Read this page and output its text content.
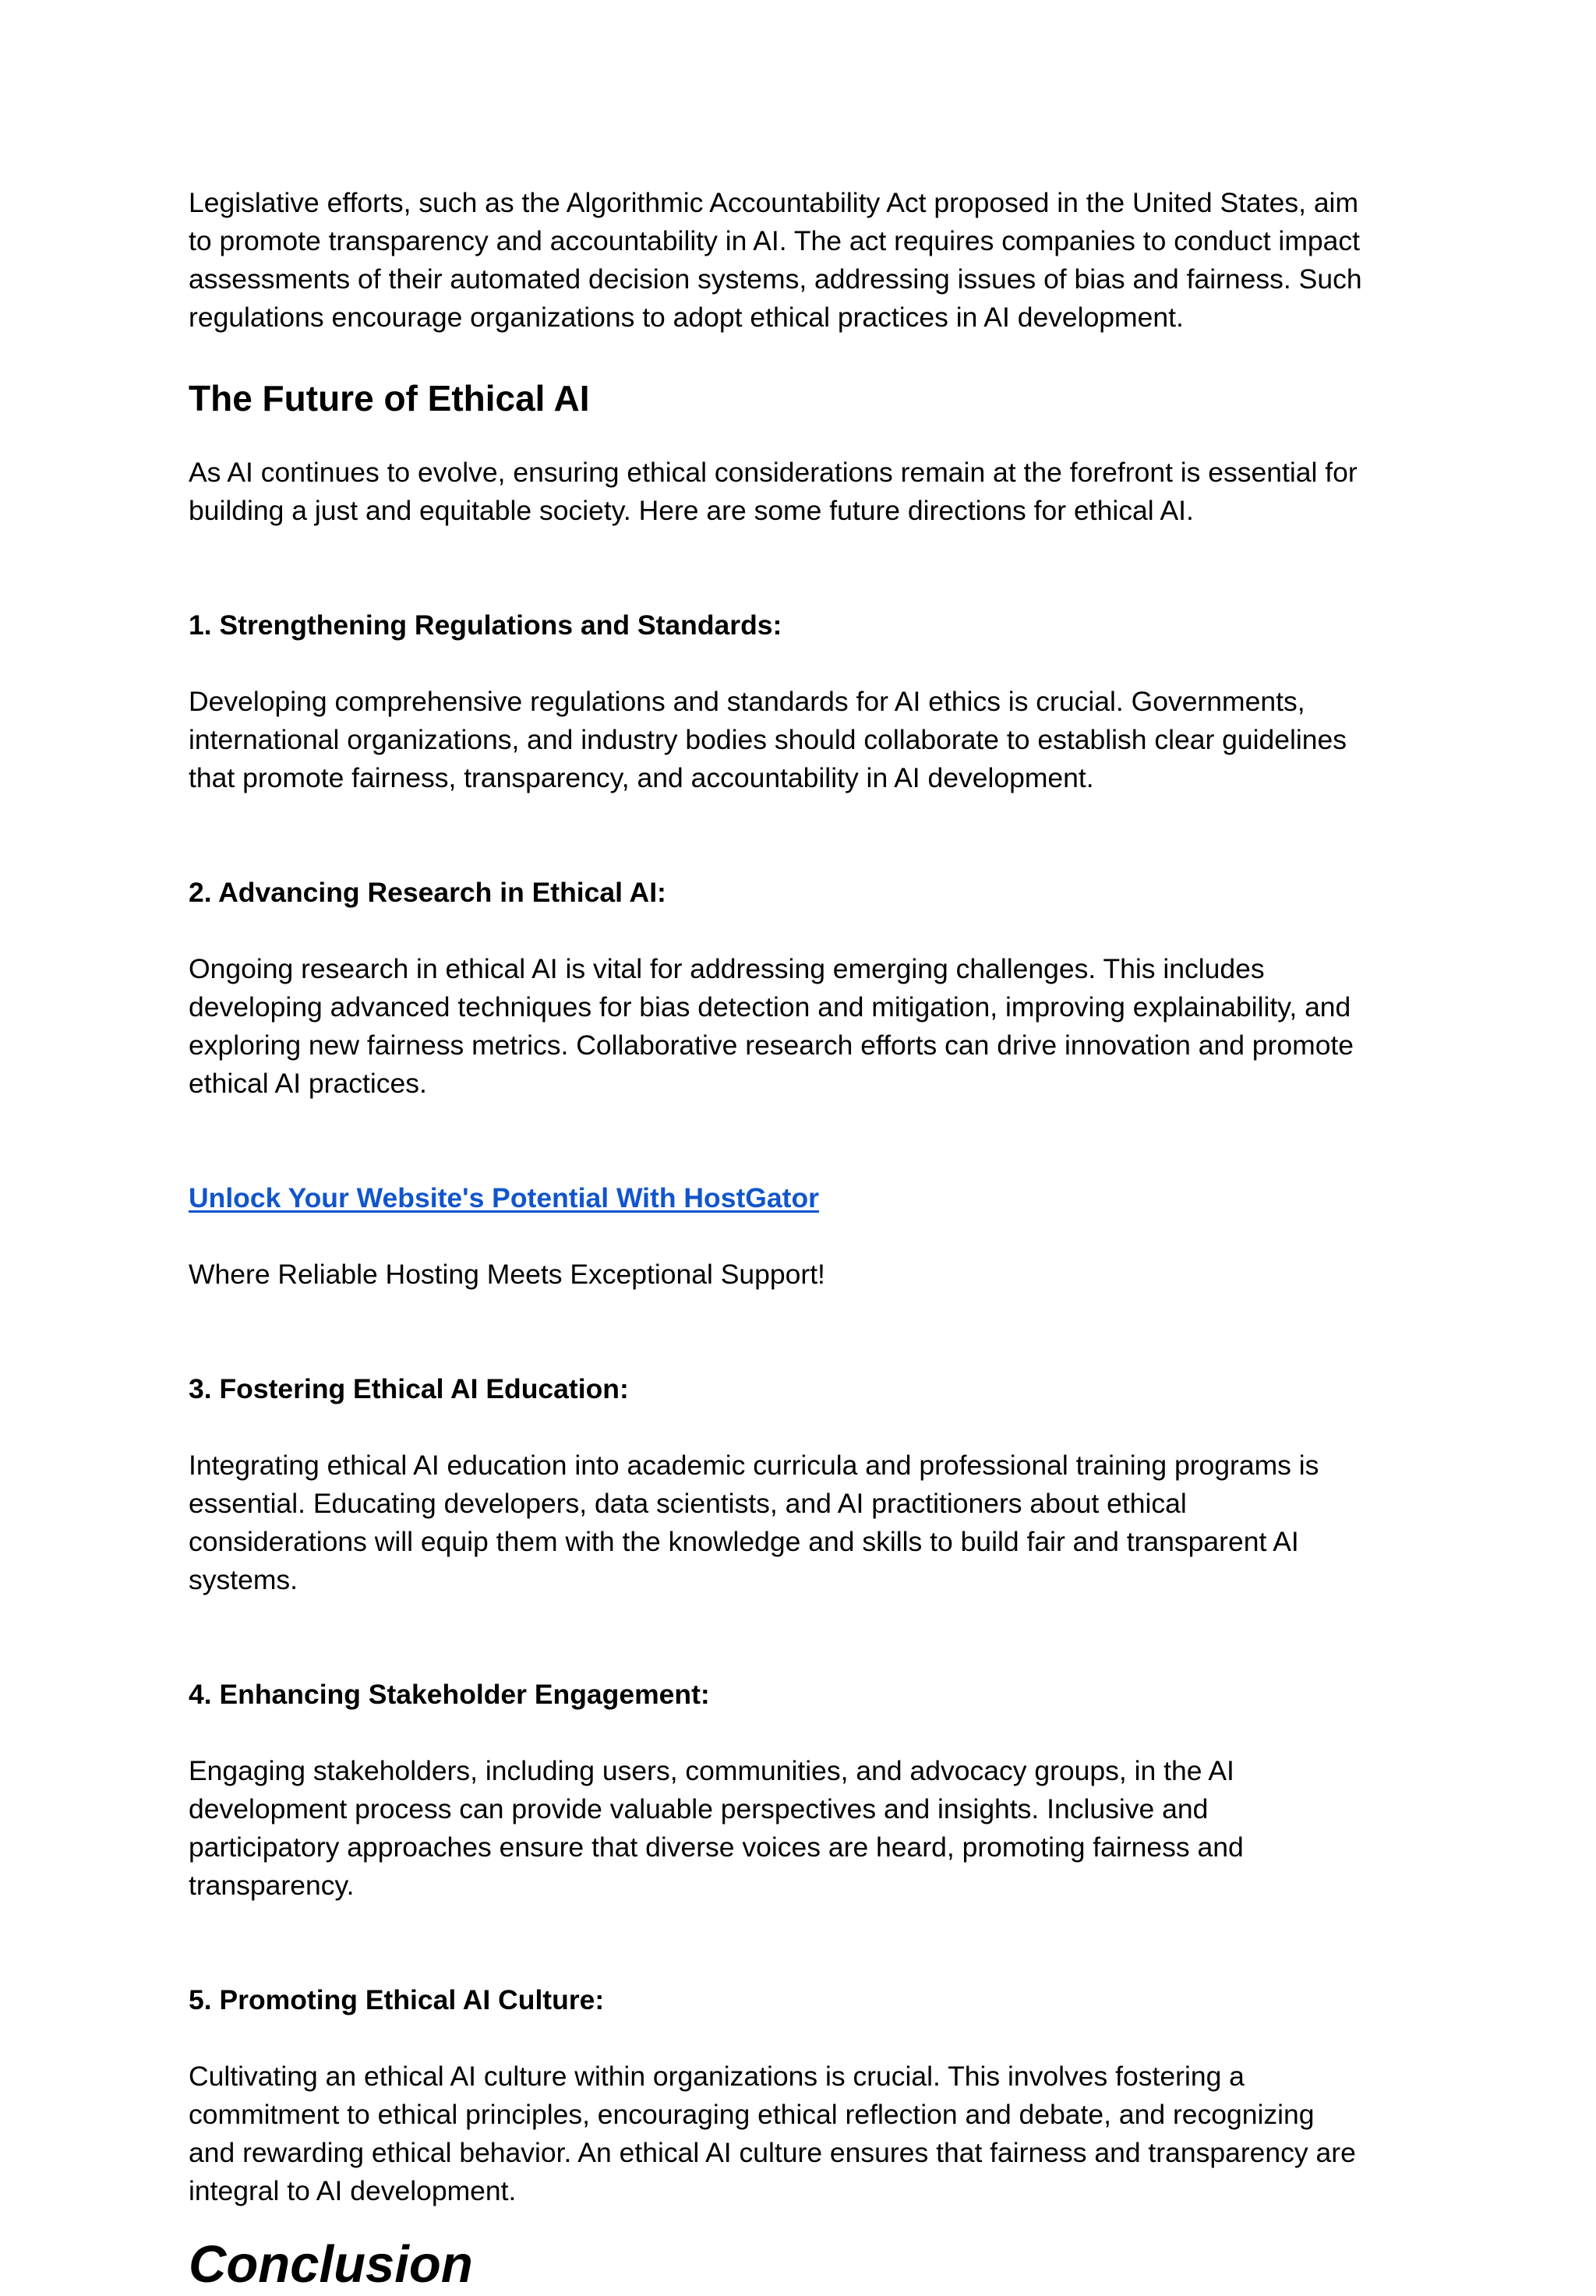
Legislative efforts, such as the Algorithmic Accountability Act proposed in the United States, aim
to promote transparency and accountability in AI. The act requires companies to conduct impact
assessments of their automated decision systems, addressing issues of bias and fairness. Such
regulations encourage organizations to adopt ethical practices in AI development.

The Future of Ethical AI

As AI continues to evolve, ensuring ethical considerations remain at the forefront is essential for
building a just and equitable society. Here are some future directions for ethical AI.

1. Strengthening Regulations and Standards:

Developing comprehensive regulations and standards for AI ethics is crucial. Governments,
international organizations, and industry bodies should collaborate to establish clear guidelines
that promote fairness, transparency, and accountability in AI development.

2. Advancing Research in Ethical AI:

Ongoing research in ethical AI is vital for addressing emerging challenges. This includes
developing advanced techniques for bias detection and mitigation, improving explainability, and
exploring new fairness metrics. Collaborative research efforts can drive innovation and promote
ethical AI practices.

Unlock Your Website's Potential With HostGator

Where Reliable Hosting Meets Exceptional Support!

3. Fostering Ethical AI Education:

Integrating ethical AI education into academic curricula and professional training programs is
essential. Educating developers, data scientists, and AI practitioners about ethical
considerations will equip them with the knowledge and skills to build fair and transparent AI
systems.

4. Enhancing Stakeholder Engagement:

Engaging stakeholders, including users, communities, and advocacy groups, in the AI
development process can provide valuable perspectives and insights. Inclusive and
participatory approaches ensure that diverse voices are heard, promoting fairness and
transparency.

5. Promoting Ethical AI Culture:

Cultivating an ethical AI culture within organizations is crucial. This involves fostering a
commitment to ethical principles, encouraging ethical reflection and debate, and recognizing
and rewarding ethical behavior. An ethical AI culture ensures that fairness and transparency are
integral to AI development.

Conclusion
